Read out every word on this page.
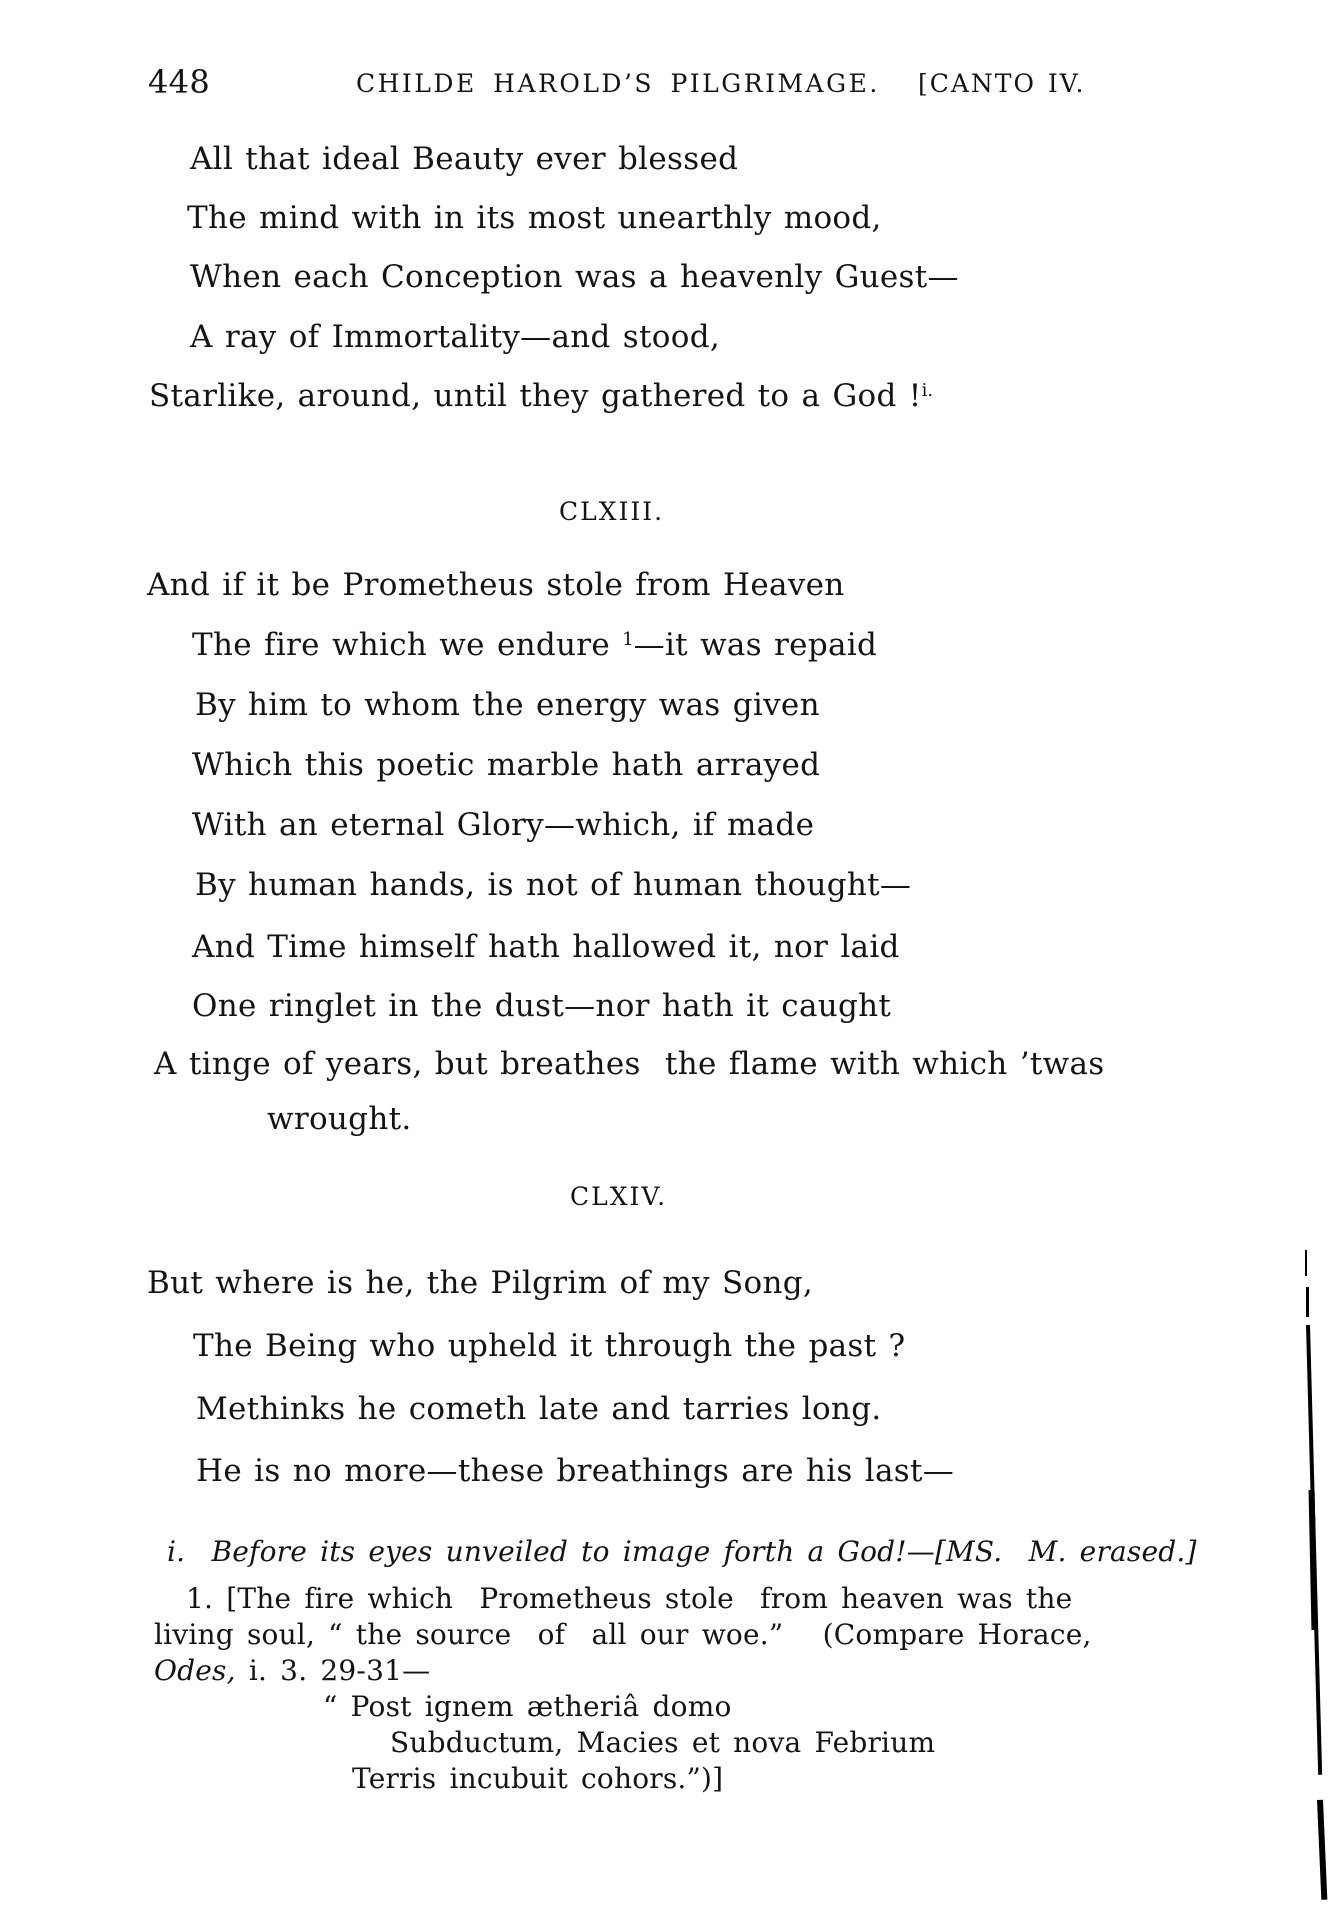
448	CHILDE HAROLD’S PILGRIMAGE. [CANTO IV.
All that ideal Beauty ever blessed
The mind with in its most unearthly mood,
When each Conception was a heavenly Guest—
A ray of Immortality—and stood,
Starlike, around, until they gathered to a God !$^{i.}$
CLXIII.
And if it be Prometheus stole from Heaven
The fire which we endure $^1$—it was repaid
By him to whom the energy was given
Which this poetic marble hath arrayed
With an eternal Glory—which, if made
By human hands, is not of human thought—
And Time himself hath hallowed it, nor laid
One ringlet in the dust—nor hath it caught
A tinge of years, but breathes  the flame with which ’twas
wrought.
CLXIV.
But where is he, the Pilgrim of my Song,
The Being who upheld it through the past ?
Methinks he cometh late and tarries long.
He is no more—these breathings are his last—
i.  Before its eyes unveiled to image forth a God!—[MS.  M. erased.]
1. [The fire which  Prometheus stole  from heaven was the
living soul, “ the source  of  all our woe.”   (Compare Horace,
Odes, i. 3. 29-31—
“ Post ignem ætheriâ domo
Subductum, Macies et nova Febrium
Terris incubuit cohors.”)]
